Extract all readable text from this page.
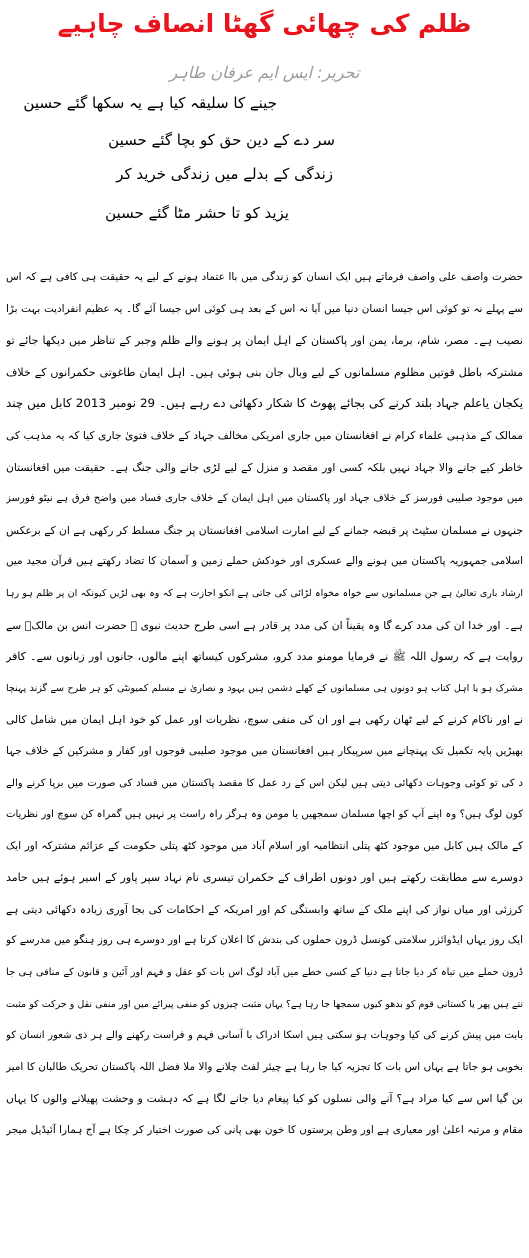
ظلم کی چھائی گھٹا انصاف چاہیے
تحریر: ایس ایم عرفان طاہر
جینے کا سلیقہ کیا ہے یہ سکھا گئے حسین
سر دے کے دین حق کو بچا گئے حسین
زندگی کے بدلے میں زندگی خرید کر
یزید کو تا حشر مٹا گئے حسین
حضرت واصف علی واصف فرماتے ہیں ایک انسان کو زندگی میں باا عتماد ہونے کے لیے یہ حقیقت ہی کافی ہے کہ اس
سے پہلے نہ تو کوئی اس جیسا انسان دنیا میں آیا نہ اس کے بعد ہی کوئی اس جیسا آئے گا۔ یہ عظیم انفرادیت بہت بڑا
نصیب ہے۔ مصر، شام، برما، یمن اور پاکستان کے اہل ایمان پر ہونے والے ظلم وجبر کے تناظر میں دیکھا جائے تو
مشترکہ باطل قوتیں مظلوم مسلمانوں کے لیے وبال جان بنی ہوئی ہیں۔ اہل ایمان طاغوتی حکمرانوں کے خلاف
یکجان یاعلم جہاد بلند کرنے کی بجائے پھوٹ کا شکار دکھائی دے رہے ہیں۔ 29 نومبر 2013 کابل میں چند
ممالک کے مذہبی علماء کرام نے افغانستان میں جاری امریکی مخالف جہاد کے خلاف فتویٰ جاری کیا کہ یہ مذہب کی
خاطر کیے جانے والا جہاد نہیں بلکہ کسی اور مقصد و منزل کے لیے لڑی جانے والی جنگ ہے۔ حقیقت میں افغانستان
میں موجود صلیبی فورسز کے خلاف جہاد اور پاکستان میں اہل ایمان کے خلاف جاری فساد میں واضح فرق ہے نیٹو فورسز
جنہوں نے مسلمان سٹیٹ پر قبضہ جمانے کے لیے امارت اسلامی افغانستان پر جنگ مسلط کر رکھی ہے ان کے برعکس
اسلامی جمہوریہ پاکستان میں ہونے والے عسکری اور خودکش حملے زمین و آسمان کا تضاد رکھتے ہیں قرآن مجید میں
ارشاد باری تعالیٰ ہے جن مسلمانوں سے خواہ مخواہ لڑائی کی جاتی ہے انکو اجازت ہے کہ وہ بھی لڑیں کیونکہ ان پر ظلم ہو رہا
ہے۔ اور خدا ان کی مدد کرے گا وہ یقیناً ان کی مدد پر قادر ہے اسی طرح حدیث نبوی ﷺ حضرت انس بن مالکؓ سے
روایت ہے کہ رسول اللہ ﷺ نے فرمایا مومنو مدد کرو، مشرکوں کیساتھ اپنے مالوں، جانوں اور زبانوں سے۔ کافر
مشرک ہو یا اہل کتاب ہو دونوں ہی مسلمانوں کے کھلے دشمن ہیں یہود و نصاریٰ نے مسلم کمیونٹی کو ہر طرح سے گزند پہنچا
نے اور ناکام کرنے کے لیے ٹھان رکھی ہے اور ان کی منفی سوچ، نظریات اور عمل کو خود اہل ایمان میں شامل کالی
بھیڑیں پایہ تکمیل تک پہنچانے میں سرپیکار ہیں افغانستان میں موجود صلیبی فوجوں اور کفار و مشرکین کے خلاف جہا
د کی تو کوئی وجوہات دکھائی دیتی ہیں لیکن اس کے رد عمل کا مقصد پاکستان میں فساد کی صورت میں برپا کرنے والے
کون لوگ ہیں؟ وہ اپنے آپ کو اچھا مسلمان سمجھیں یا مومن وہ ہرگز راہ راست پر نہیں ہیں گمراہ کن سوچ اور نظریات
کے مالک ہیں کابل میں موجود کٹھ پتلی انتظامیہ اور اسلام آباد میں موجود کٹھ پتلی حکومت کے عزائم مشترکہ اور ایک
دوسرے سے مطابقت رکھتے ہیں اور دونوں اطراف کے حکمران تیسری نام نہاد سپر پاور کے اسیر ہوئے ہیں حامد
کرزئی اور میاں نواز کی اپنے ملک کے ساتھ وابستگی کم اور امریکہ کے احکامات کی بجا آوری زیادہ دکھائی دیتی ہے
ایک روز یہاں ایڈوائزر سلامتی کونسل ڈرون حملوں کی بندش کا اعلان کرتا ہے اور دوسرے ہی روز ہنگو میں مدرسے کو
ڈرون حملے میں تباہ کر دیا جاتا ہے دنیا کے کسی خطے میں آباد لوگ اس بات کو عقل و فہم اور آئین و قانون کے منافی ہی جا
نتے ہیں پھر یا کستانی قوم کو بدھو کیوں سمجھا جا رہا ہے؟ یہاں مثبت چیزوں کو منفی پیرائے میں اور منفی نقل و حرکت کو مثبت
بابت میں پیش کرنے کی کیا وجوہات ہو سکتی ہیں اسکا ادراک با آسانی فہم و فراست رکھنے والے ہر ذی شعور انسان کو
بخوبی ہو جاتا ہے یہاں اس بات کا تجزیہ کیا جا رہا ہے چیئر لفٹ چلانے والا ملا فضل اللہ پاکستان تحریک طالبان کا امیر
بن گیا اس سے کیا مراد ہے؟ آنے والی نسلوں کو کیا پیغام دیا جانے لگا ہے کہ دہشت و وحشت پھیلانے والوں کا یہاں
مقام و مرتبہ اعلیٰ اور معیاری ہے اور وطن پرستوں کا خون بھی پانی کی صورت اختیار کر چکا ہے آج ہمارا آئیڈیل میجر
